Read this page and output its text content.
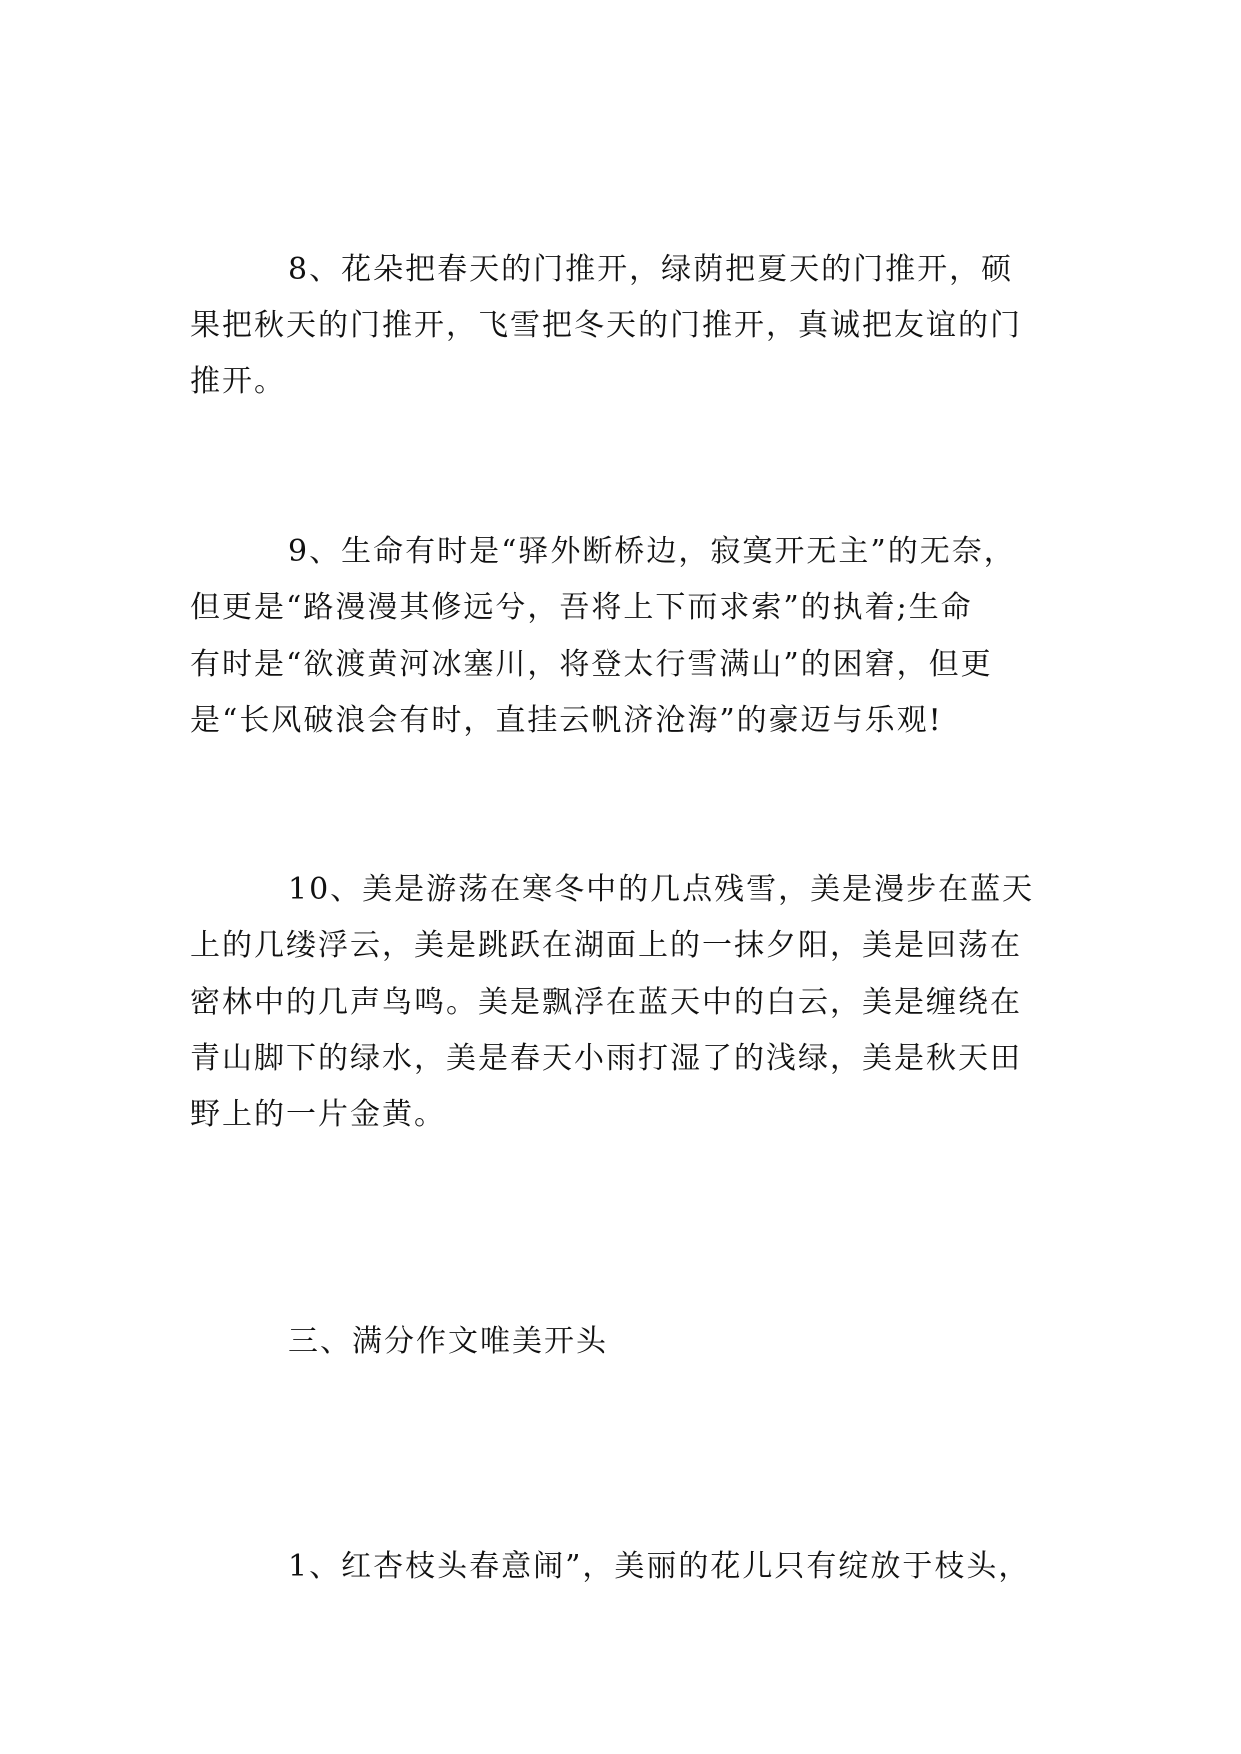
8、花朵把春天的门推开，绿荫把夏天的门推开，硕
果把秋天的门推开，飞雪把冬天的门推开，真诚把友谊的门
推开。
9、生命有时是“驿外断桥边，寂寞开无主”的无奈，
但更是“路漫漫其修远兮，吾将上下而求索”的执着;生命
有时是“欲渡黄河冰塞川，将登太行雪满山”的困窘，但更
是“长风破浪会有时，直挂云帆济沧海”的豪迈与乐观!
10、美是游荡在寒冬中的几点残雪，美是漫步在蓝天
上的几缕浮云，美是跳跃在湖面上的一抹夕阳，美是回荡在
密林中的几声鸟鸣。美是飘浮在蓝天中的白云，美是缠绕在
青山脚下的绿水，美是春天小雨打湿了的浅绿，美是秋天田
野上的一片金黄。
三、满分作文唯美开头
1、红杏枝头春意闹”，美丽的花儿只有绽放于枝头，
